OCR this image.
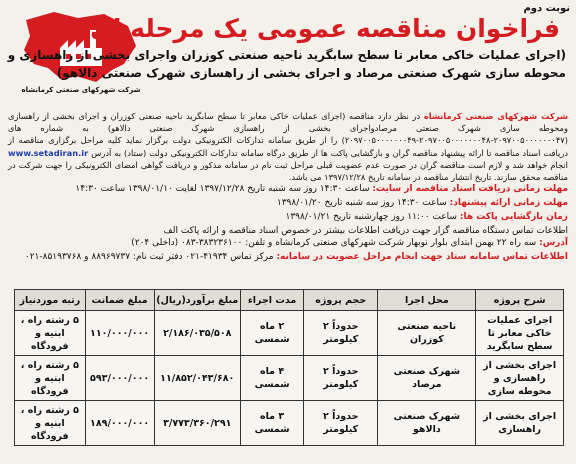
نوبت دوم
شرکت شهرکهای صنعتی کرمانشاه
فراخوان مناقصه عمومی یک مرحله ای
(اجرای عملیات خاکی معابر تا سطح سابگرید ناحیه صنعتی کوزران واجرای بخشی از راهسازی و
محوطه سازی شهرک صنعتی مرصاد و اجرای بخشی از راهسازی شهرک صنعتی دالاهو)
شرکت شهرکهای صنعتی کرمانشاه در نظر دارد مناقصه (اجرای عملیات خاکی معابر تا سطح سابگرید ناحیه صنعتی کوزران و اجرای بخشی از راهسازی ومحوطه سازی شهرک صنعتی مرصادواجرای بخشی از راهسازی شهرک صنعتی دالاهو) به شماره های (۲۰۹۷۰۰۵۰۰۰۰۰۰۰۴۷-۲۰۹۷۰۰۵۰۰۰۰۰۰۰۴۸-۲۰۹۷۰۰۵۰۰۰۰۰۰۰۴۹) را از طریق سامانه تدارکات الکترونیکی دولت برگزار نماید کلیه مراحل برگزاری مناقصه از دریافت اسناد مناقصه تا ارائه پیشنهاد مناقصه گران و بازگشایی پاکت ها از طریق درگاه سامانه تدارکات الکترونیکی دولت (ستاد) به آدرس www.setadiran.ir انجام خواهد شد و لازم است مناقصه گران در صورت عدم عضویت قبلی مراحل ثبت نام در سامانه مذکور و دریافت گواهی امضای الکترونیکی را جهت شرکت در مناقصه محقق سازند. تاریخ انتشار مناقصه در سامانه تاریخ ۱۳۹۷/۱۲/۲۸ می باشد.
مهلت زمانی دریافت اسناد مناقصه از سایت: ساعت ۱۴:۳۰ روز سه شنبه تاریخ ۱۳۹۷/۱۲/۲۸ لغایت ۱۳۹۸/۰۱/۱۰ ساعت ۱۴:۳۰
مهلت زمانی ارائه پیشنهاد: ساعت ۱۴:۳۰ روز سه شنبه تاریخ ۱۳۹۸/۰۱/۲۰
زمان بازگشایی پاکت ها: ساعت ۱۱:۰۰ روز چهارشنبه تاریخ ۱۳۹۸/۰۱/۲۱
اطلاعات تماس دستگاه مناقصه گزار جهت دریافت اطلاعات بیشتر در خصوص اسناد مناقصه و ارائه پاکت الف
آدرس: سه راه ۲۲ بهمن ابتدای بلوار نوبهار شرکت شهرکهای صنعتی کرمانشاه و تلفن: ۳۸۳۲۳۶۱۰۰-۰۸۳ (داخلی ۲۰۴)
اطلاعات تماس سامانه ستاد جهت انجام مراحل عضویت در سامانه: مرکز تماس ۴۱۹۳۴-۰۲۱ دفتر ثبت نام: ۸۸۹۶۹۷۳۷ و ۸۵۱۹۳۷۶۸-۰۲۱
شرح پروژه	محل اجرا	حجم پروژه	مدت اجراء	مبلغ برآورد(ریال)	مبلغ ضمانت	رتبه موردنیاز
اجرای عملیات خاکی معابر تا سطح سابگرید	ناحیه صنعتی کوزران	حدوداً ۲ کیلومتر	۲ ماه شمسی	۲/۱۸۶/۰۳۵/۵۰۸	۱۱۰/۰۰۰/۰۰۰	۵ رشته راه ، ابنیه و فرودگاه
اجرای بخشی از راهسازی و محوطه سازی	شهرک صنعتی مرصاد	حدوداً ۲ کیلومتر	۴ ماه شمسی	۱۱/۸۵۲/۰۴۳/۶۸۰	۵۹۳/۰۰۰/۰۰۰	۵ رشته راه ، ابنیه و فرودگاه
اجرای بخشی از راهسازی	شهرک صنعتی دالاهو	حدوداً ۲ کیلومتر	۳ ماه شمسی	۳/۷۷۳/۳۶۰/۲۹۱	۱۸۹/۰۰۰/۰۰۰	۵ رشته راه ، ابنیه و فرودگاه
